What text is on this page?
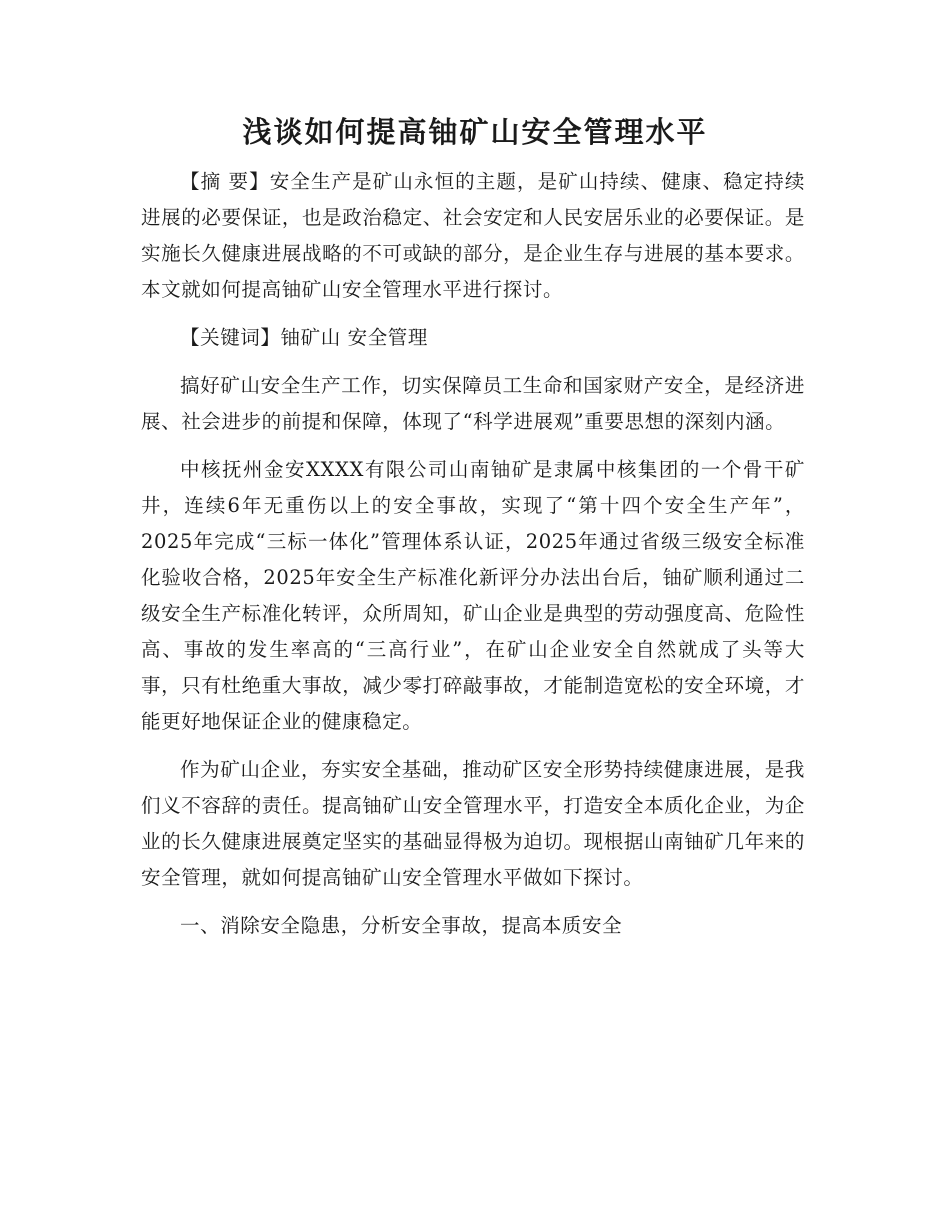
浅谈如何提高铀矿山安全管理水平

【摘 要】安全生产是矿山永恒的主题，是矿山持续、健康、稳定持续进展的必要保证，也是政治稳定、社会安定和人民安居乐业的必要保证。是实施长久健康进展战略的不可或缺的部分，是企业生存与进展的基本要求。本文就如何提高铀矿山安全管理水平进行探讨。

【关键词】铀矿山 安全管理

搞好矿山安全生产工作，切实保障员工生命和国家财产安全，是经济进展、社会进步的前提和保障，体现了“科学进展观”重要思想的深刻内涵。

中核抚州金安XXXX有限公司山南铀矿是隶属中核集团的一个骨干矿井，连续6年无重伤以上的安全事故，实现了“第十四个安全生产年”，2025年完成“三标一体化”管理体系认证，2025年通过省级三级安全标准化验收合格，2025年安全生产标准化新评分办法出台后，铀矿顺利通过二级安全生产标准化转评，众所周知，矿山企业是典型的劳动强度高、危险性高、事故的发生率高的“三高行业”，在矿山企业安全自然就成了头等大事，只有杜绝重大事故，减少零打碎敲事故，才能制造宽松的安全环境，才能更好地保证企业的健康稳定。

作为矿山企业，夯实安全基础，推动矿区安全形势持续健康进展，是我们义不容辞的责任。提高铀矿山安全管理水平，打造安全本质化企业，为企业的长久健康进展奠定坚实的基础显得极为迫切。现根据山南铀矿几年来的安全管理，就如何提高铀矿山安全管理水平做如下探讨。

一、消除安全隐患，分析安全事故，提高本质安全
